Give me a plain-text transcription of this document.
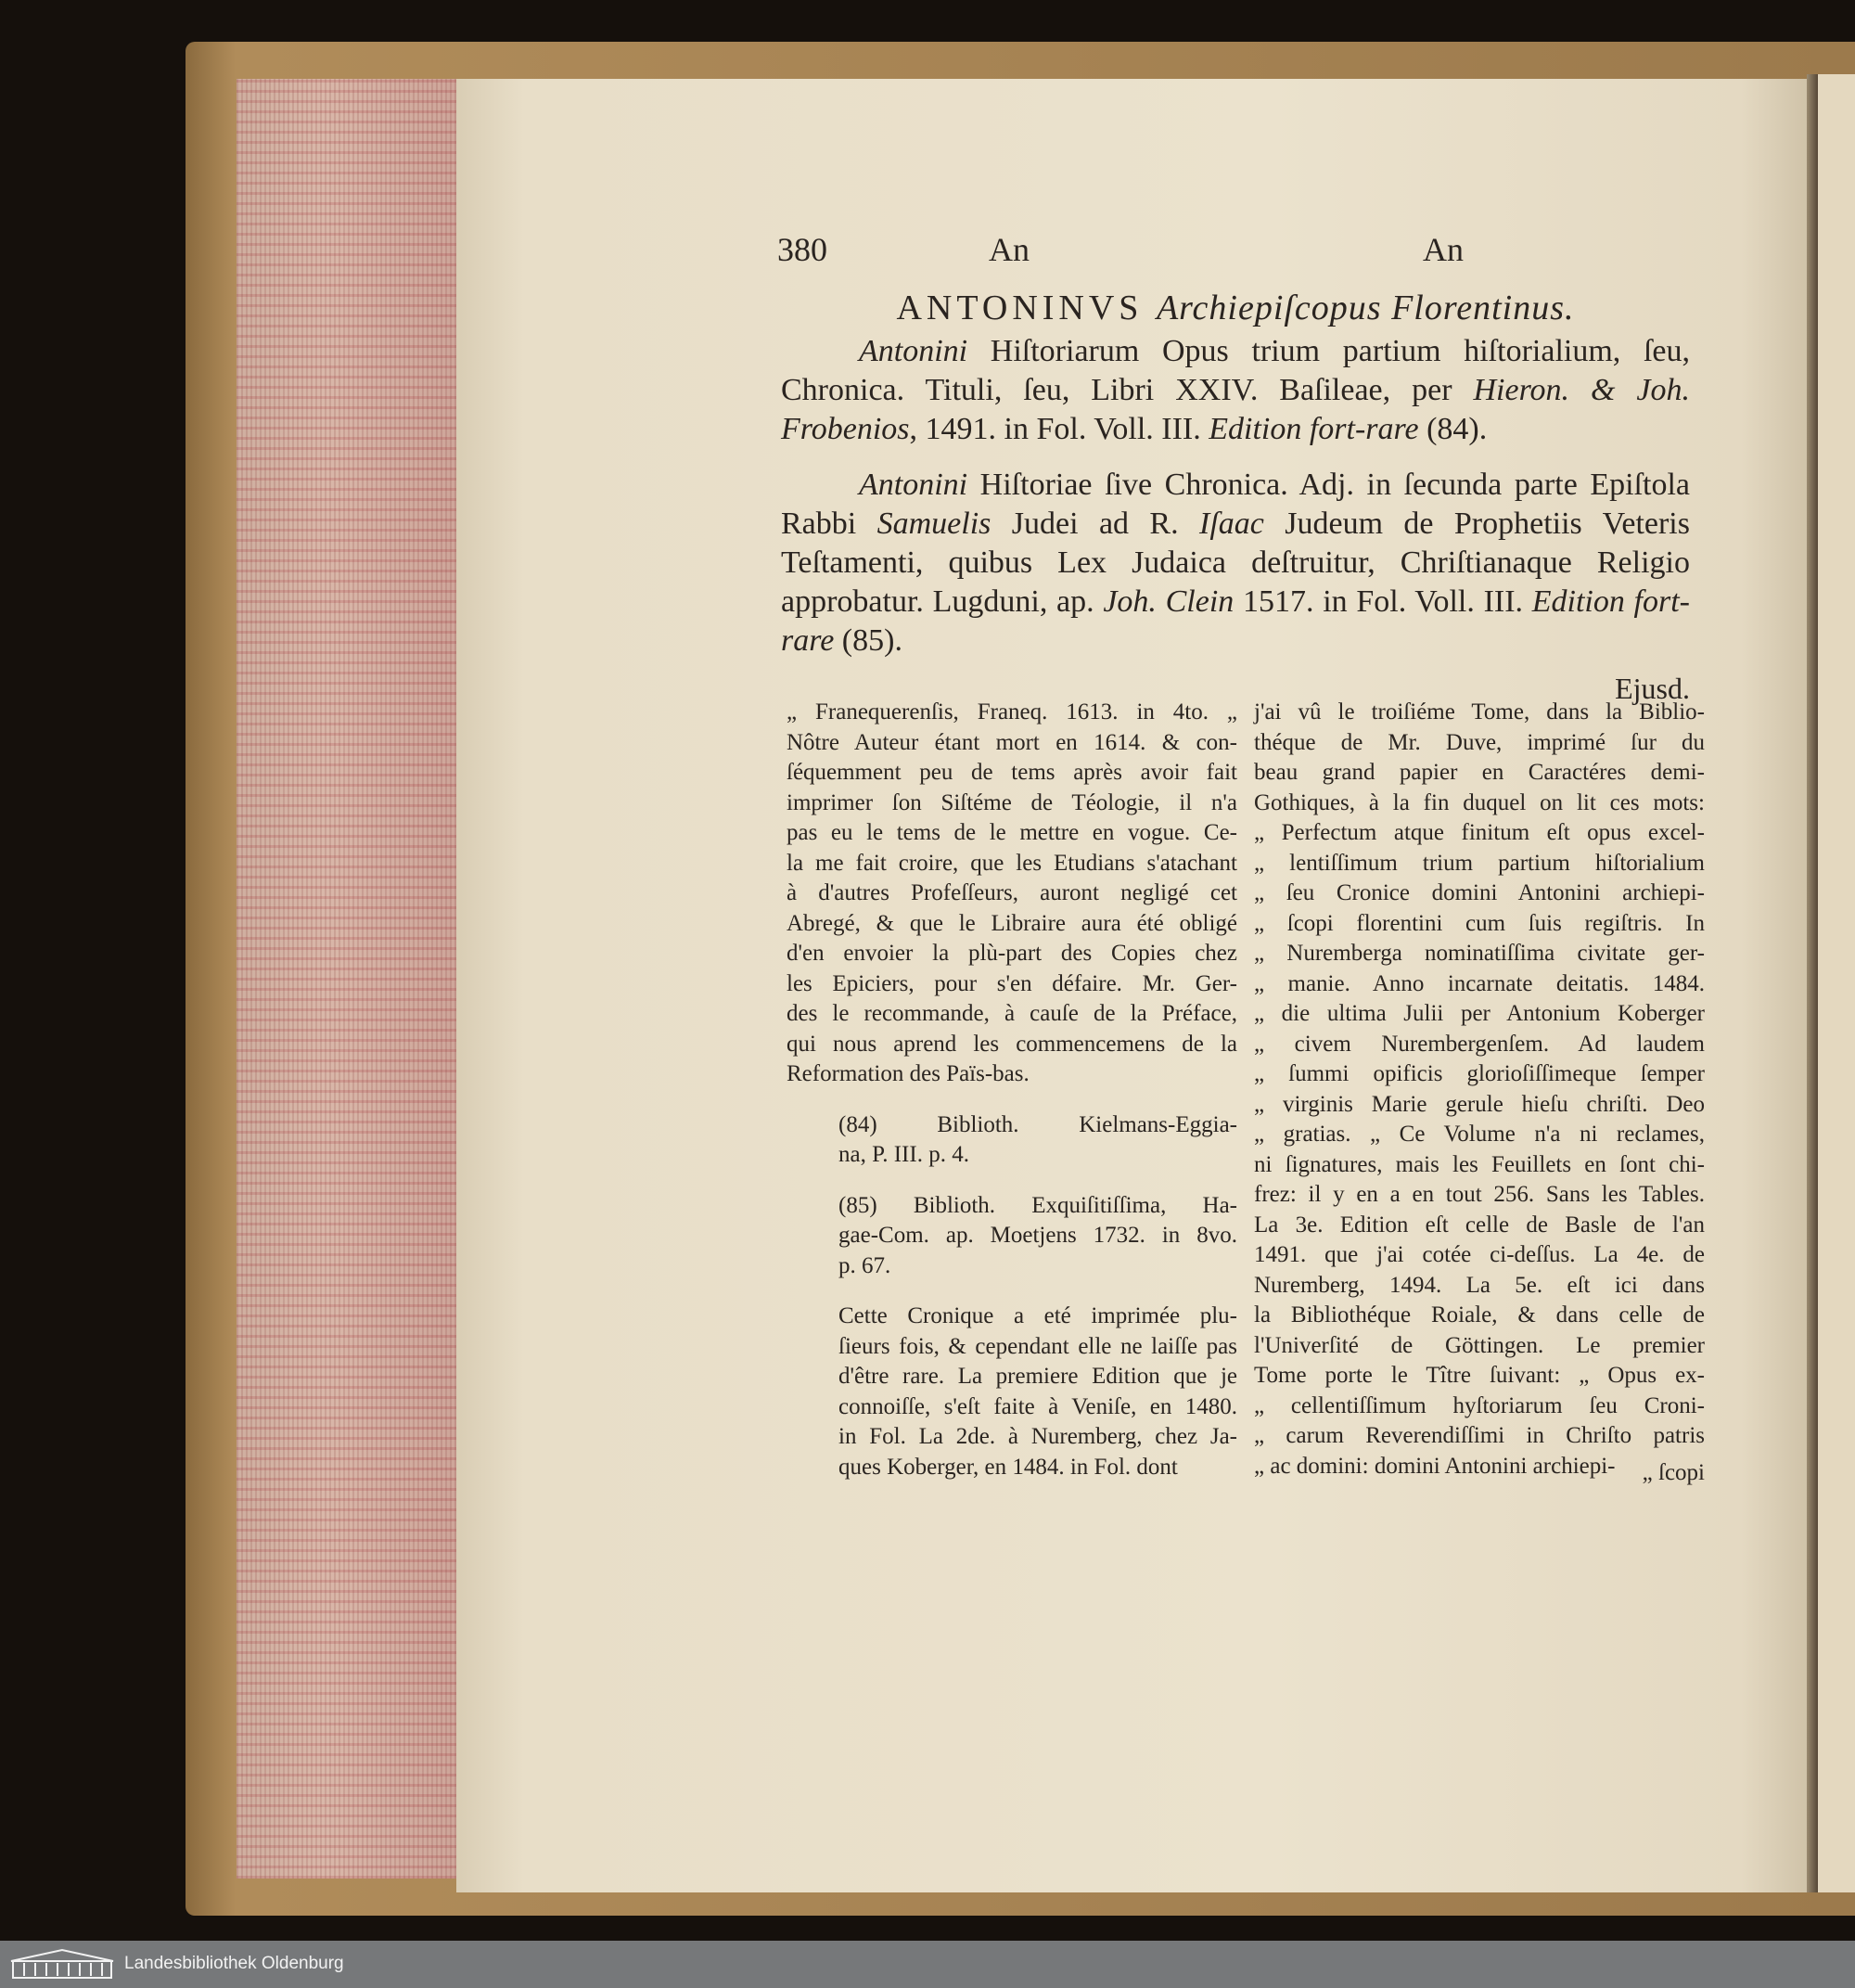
380	An	An
ANTONINVS Archiepiſcopus Florentinus.

Antonini Hiſtoriarum Opus trium partium hiſtorialium, ſeu, Chronica. Tituli, ſeu, Libri XXIV. Baſileae, per Hieron. & Joh. Frobenios, 1491. in Fol. Voll. III. Edition fort-rare (84).

Antonini Hiſtoriae ſive Chronica. Adj. in ſecunda parte Epiſtola Rabbi Samuelis Judei ad R. Iſaac Judeum de Prophetiis Veteris Teſtamenti, quibus Lex Judaica deſtruitur, Chriſtianaque Religio approbatur. Lugduni, ap. Joh. Clein 1517. in Fol. Voll. III. Edition fort-rare (85).

Ejusd.

„ Franequerenſis, Franeq. 1613. in 4to. „
Nôtre Auteur étant mort en 1614. & con-
ſéquemment peu de tems après avoir fait
imprimer ſon Siſtéme de Téologie, il n'a
pas eu le tems de le mettre en vogue. Ce-
la me fait croire, que les Etudians s'atachant
à d'autres Profeſſeurs, auront negligé cet
Abregé, & que le Libraire aura été obligé
d'en envoier la plù-part des Copies chez
les Epiciers, pour s'en défaire. Mr. Ger-
des le recommande, à cauſe de la Préface,
qui nous aprend les commencemens de la
Reformation des Païs-bas.

(84) Biblioth. Kielmans-Eggia-
na, P. III. p. 4.

(85) Biblioth. Exquiſitiſſima, Ha-
gae-Com. ap. Moetjens 1732. in 8vo.
p. 67.

Cette Cronique a eté imprimée plu-
ſieurs fois, & cependant elle ne laiſſe pas
d'être rare. La premiere Edition que je
connoiſſe, s'eſt faite à Veniſe, en 1480.
in Fol. La 2de. à Nuremberg, chez Ja-
ques Koberger, en 1484. in Fol. dont

j'ai vû le troiſiéme Tome, dans la Biblio-
théque de Mr. Duve, imprimé ſur du
beau grand papier en Caractéres demi-
Gothiques, à la fin duquel on lit ces mots:
„ Perfectum atque finitum eſt opus excel-
„ lentiſſimum trium partium hiſtorialium
„ ſeu Cronice domini Antonini archiepi-
„ ſcopi florentini cum ſuis regiſtris. In
„ Nuremberga nominatiſſima civitate ger-
„ manie. Anno incarnate deitatis. 1484.
„ die ultima Julii per Antonium Koberger
„ civem Nurembergenſem. Ad laudem
„ ſummi opificis glorioſiſſimeque ſemper
„ virginis Marie gerule hieſu chriſti. Deo
„ gratias. „ Ce Volume n'a ni reclames,
ni ſignatures, mais les Feuillets en ſont chi-
frez: il y en a en tout 256. Sans les Tables.
La 3e. Edition eſt celle de Basle de l'an
1491. que j'ai cotée ci-deſſus. La 4e. de
Nuremberg, 1494. La 5e. eſt ici dans
la Bibliothéque Roiale, & dans celle de
l'Univerſité de Göttingen. Le premier
Tome porte le Tître ſuivant: „ Opus ex-
„ cellentiſſimum hyſtoriarum ſeu Croni-
„ carum Reverendiſſimi in Chriſto patris
„ ac domini: domini Antonini archiepi-	„ ſcopi
Landesbibliothek Oldenburg
